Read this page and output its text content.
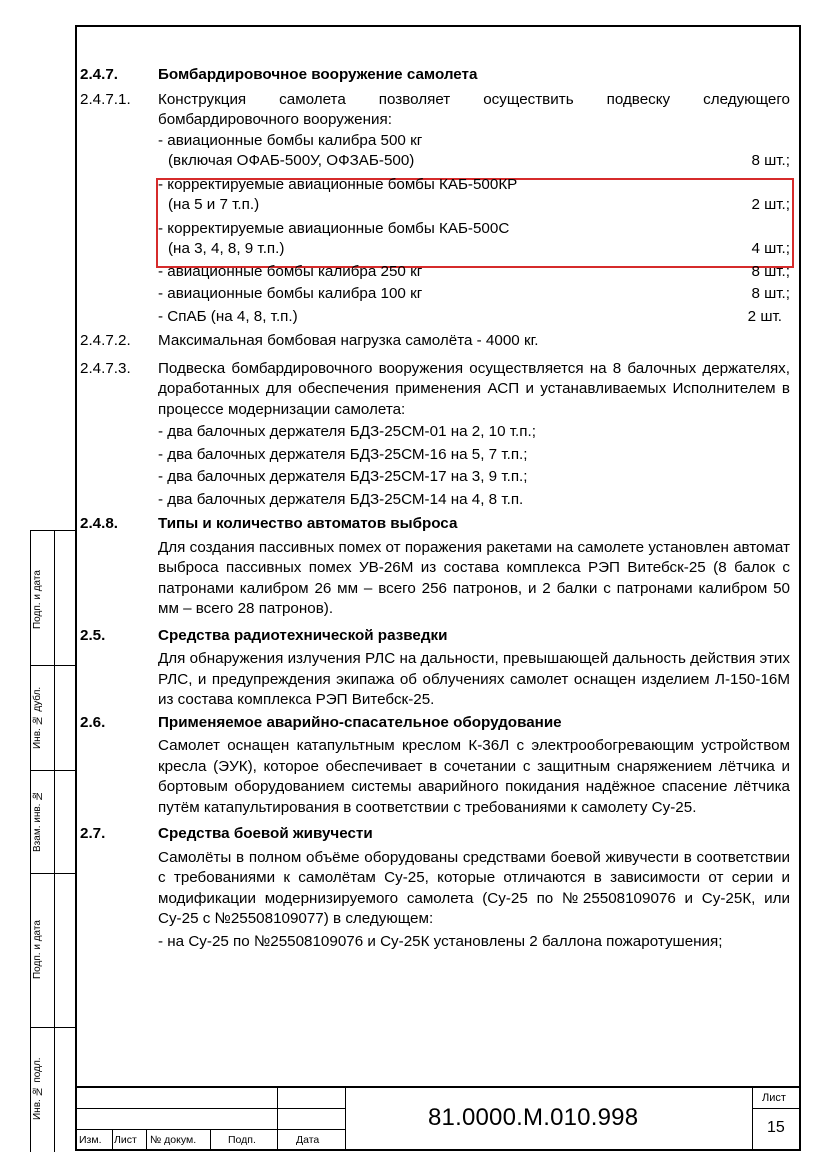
Подп. и дата
Инв. № дубл.
Взам. инв. №
Подп. и дата
Инв. № подл.
2.4.7.	Бомбардировочное вооружение самолета
2.4.7.1.	Конструкция самолета позволяет осуществить подвеску следующего бомбардировочного вооружения:
- авиационные бомбы калибра 500 кг
(включая ОФАБ-500У, ОФЗАБ-500)	8 шт.;
- корректируемые авиационные бомбы КАБ-500КР
(на 5 и 7 т.п.)	2 шт.;
- корректируемые авиационные бомбы КАБ-500С
(на 3, 4, 8, 9 т.п.)	4 шт.;
- авиационные бомбы калибра 250 кг	8 шт.;
- авиационные бомбы калибра 100 кг	8 шт.;
- СпАБ (на 4, 8, т.п.)	2 шт.
2.4.7.2.	Максимальная бомбовая нагрузка самолёта - 4000 кг.
2.4.7.3.	Подвеска бомбардировочного вооружения осуществляется на 8 балочных держателях, доработанных для обеспечения применения АСП и устанавливаемых Исполнителем в процессе модернизации самолета:
- два балочных держателя БДЗ-25СМ-01 на 2, 10 т.п.;
- два балочных держателя БДЗ-25СМ-16 на 5, 7 т.п.;
- два балочных держателя БДЗ-25СМ-17 на 3, 9 т.п.;
- два балочных держателя БДЗ-25СМ-14 на 4, 8 т.п.
2.4.8.	Типы и количество автоматов выброса
Для создания пассивных помех от поражения ракетами на самолете установлен автомат выброса пассивных помех УВ-26М из состава комплекса РЭП Витебск-25 (8 балок с патронами калибром 26 мм – всего 256 патронов, и 2 балки с патронами калибром 50 мм – всего 28 патронов).
2.5.	Средства радиотехнической разведки
Для обнаружения излучения РЛС на дальности, превышающей дальность действия этих РЛС, и предупреждения экипажа об облучениях самолет оснащен изделием Л-150-16М из состава комплекса РЭП Витебск-25.
2.6.	Применяемое аварийно-спасательное оборудование
Самолет оснащен катапультным креслом К-36Л с электрообогревающим устройством кресла (ЭУК), которое обеспечивает в сочетании с защитным снаряжением лётчика и бортовым оборудованием системы аварийного покидания надёжное спасение лётчика путём катапультирования в соответствии с требованиями к самолету Су-25.
2.7.	Средства боевой живучести
Самолёты в полном объёме оборудованы средствами боевой живучести в соответствии с требованиями к самолётам Су-25, которые отличаются в зависимости от серии и модификации модернизируемого самолета (Су-25 по №25508109076 и Су-25К, или Су-25 с №25508109077) в следующем:
- на Су-25 по №25508109076 и Су-25К установлены 2 баллона пожаротушения;
Изм. Лист № докум.	Подп.	Дата
81.0000.М.010.998
Лист
15
